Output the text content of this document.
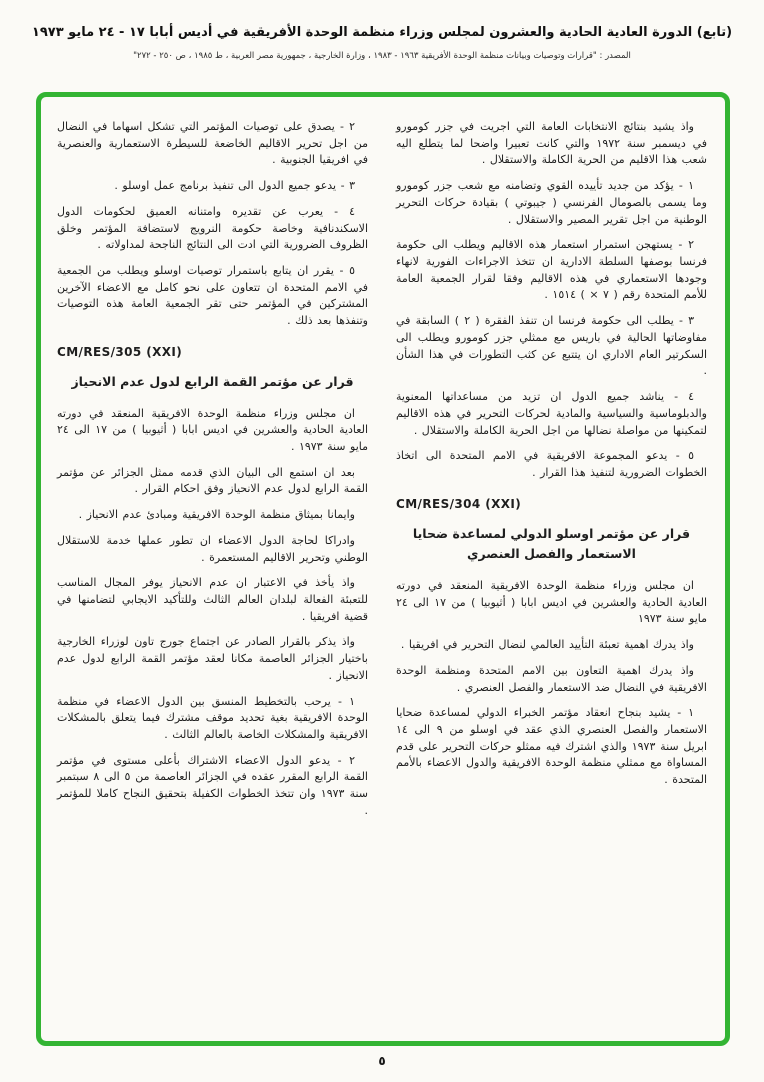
(تابع) الدورة العادية الحادية والعشرون لمجلس وزراء منظمة الوحدة الأفريقية في أديس أبابا ١٧ - ٢٤ مايو ١٩٧٣
المصدر : "قرارات وتوصيات وبيانات منظمة الوحدة الأفريقية ١٩٦٣ - ١٩٨٣ ، وزارة الخارجية ، جمهورية مصر العربية ، ط ١٩٨٥ ، ص ٢٥٠ - ٢٧٢"

واذ يشيد بنتائج الانتخابات العامة التي اجريت في جزر كومورو في ديسمبر سنة ١٩٧٢ والتي كانت تعبيرا واضحا لما يتطلع اليه شعب هذا الاقليم من الحرية الكاملة والاستقلال .

١ - يؤكد من جديد تأييده القوي وتضامنه مع شعب جزر كومورو وما يسمى بالصومال الفرنسي ( جيبوتي ) بقيادة حركات التحرير الوطنية من اجل تقرير المصير والاستقلال .

٢ - يستهجن استمرار استعمار هذه الاقاليم ويطلب الى حكومة فرنسا بوصفها السلطة الادارية ان تتخذ الاجراءات الفورية لانهاء وجودها الاستعماري في هذه الاقاليم وفقا لقرار الجمعية العامة للأمم المتحدة رقم ( ٧ × ) ١٥١٤ .

٣ - يطلب الى حكومة فرنسا ان تنفذ الفقرة ( ٢ ) السابقة في مفاوضاتها الحالية في باريس مع ممثلي جزر كومورو ويطلب الى السكرتير العام الاداري ان يتتبع عن كثب التطورات في هذا الشأن .

٤ - يناشد جميع الدول ان تزيد من مساعداتها المعنوية والدبلوماسية والسياسية والمادية لحركات التحرير في هذه الاقاليم لتمكينها من مواصلة نضالها من اجل الحرية الكاملة والاستقلال .

٥ - يدعو المجموعة الافريقية في الامم المتحدة الى اتخاذ الخطوات الضرورية لتنفيذ هذا القرار .

CM/RES/304 (XXI)

قرار عن مؤتمر اوسلو الدولي لمساعدة ضحايا الاستعمار والفصل العنصري

ان مجلس وزراء منظمة الوحدة الافريقية المنعقد في دورته العادية الحادية والعشرين في اديس ابابا ( أثيوبيا ) من ١٧ الى ٢٤ مايو سنة ١٩٧٣

واذ يدرك اهمية تعبئة التأييد العالمي لنضال التحرير في افريقيا .

واذ يدرك اهمية التعاون بين الامم المتحدة ومنظمة الوحدة الافريقية في النضال ضد الاستعمار والفصل العنصري .

١ - يشيد بنجاح انعقاد مؤتمر الخبراء الدولي لمساعدة ضحايا الاستعمار والفصل العنصري الذي عقد في اوسلو من ٩ الى ١٤ ابريل سنة ١٩٧٣ والذي اشترك فيه ممثلو حركات التحرير على قدم المساواة مع ممثلي منظمة الوحدة الافريقية والدول الاعضاء بالأمم المتحدة .

٢ - يصدق على توصيات المؤتمر التي تشكل اسهاما في النضال من اجل تحرير الاقاليم الخاضعة للسيطرة الاستعمارية والعنصرية في افريقيا الجنوبية .

٣ - يدعو جميع الدول الى تنفيذ برنامج عمل اوسلو .

٤ - يعرب عن تقديره وامتنانه العميق لحكومات الدول الاسكندنافية وخاصة حكومة النرويج لاستضافة المؤتمر وخلق الظروف الضرورية التي ادت الى النتائج الناجحة لمداولاته .

٥ - يقرر ان يتابع باستمرار توصيات اوسلو ويطلب من الجمعية في الامم المتحدة ان تتعاون على نحو كامل مع الاعضاء الآخرين المشتركين في المؤتمر حتى تقر الجمعية العامة هذه التوصيات وتنفذها بعد ذلك .

CM/RES/305 (XXI)

قرار عن مؤتمر القمة الرابع لدول عدم الانحياز

ان مجلس وزراء منظمة الوحدة الافريقية المنعقد في دورته العادية الحادية والعشرين في اديس ابابا ( أثيوبيا ) من ١٧ الى ٢٤ مايو سنة ١٩٧٣ .

بعد ان استمع الى البيان الذي قدمه ممثل الجزائر عن مؤتمر القمة الرابع لدول عدم الانحياز وفق احكام القرار .

وايمانا بميثاق منظمة الوحدة الافريقية ومبادئ عدم الانحياز .

وادراكا لحاجة الدول الاعضاء ان تطور عملها خدمة للاستقلال الوطني وتحرير الاقاليم المستعمرة .

واذ يأخذ في الاعتبار ان عدم الانحياز يوفر المجال المناسب للتعبئة الفعالة لبلدان العالم الثالث وللتأكيد الايجابي لتضامنها في قضية افريقيا .

واذ يذكر بالقرار الصادر عن اجتماع جورج تاون لوزراء الخارجية باختيار الجزائر العاصمة مكانا لعقد مؤتمر القمة الرابع لدول عدم الانحياز .

١ - يرحب بالتخطيط المنسق بين الدول الاعضاء في منظمة الوحدة الافريقية بغية تحديد موقف مشترك فيما يتعلق بالمشكلات الافريقية والمشكلات الخاصة بالعالم الثالث .

٢ - يدعو الدول الاعضاء الاشتراك بأعلى مستوى في مؤتمر القمة الرابع المقرر عقده في الجزائر العاصمة من ٥ الى ٨ سبتمبر سنة ١٩٧٣ وان تتخذ الخطوات الكفيلة بتحقيق النجاح كاملا للمؤتمر .

٥
